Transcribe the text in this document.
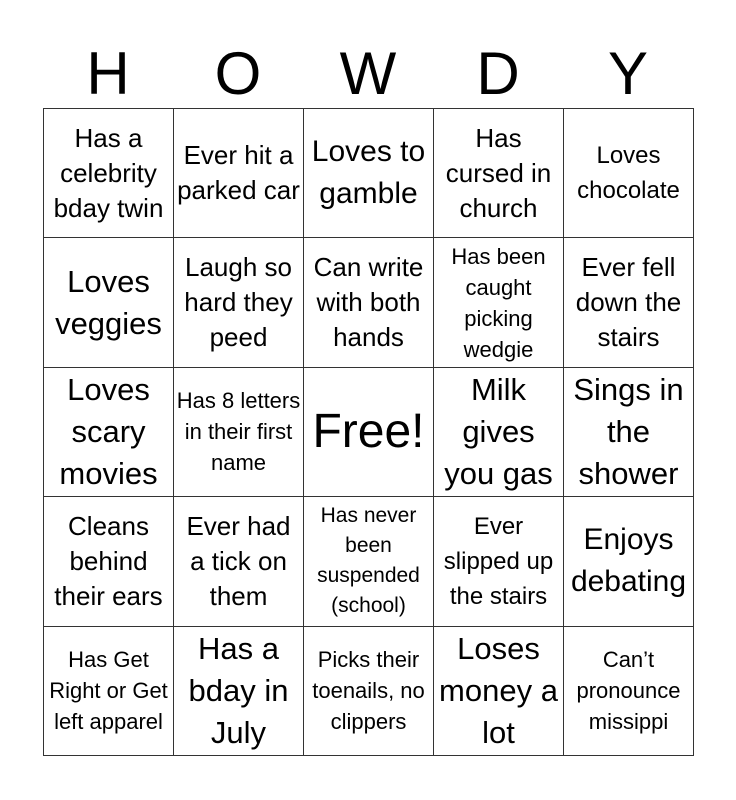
H	O	W	D	Y
Has a celebrity bday twin	Ever hit a parked car	Loves to gamble	Has cursed in church	Loves chocolate

Loves veggies	Laugh so hard they peed	Can write with both hands	Has been caught picking wedgie	Ever fell down the stairs

Loves scary movies	Has 8 letters in their first name	Free!	Milk gives you gas	Sings in the shower

Cleans behind their ears	Ever had a tick on them	Has never been suspended (school)	Ever slipped up the stairs	Enjoys debating

Has Get Right or Get left apparel	Has a bday in July	Picks their toenails, no clippers	Loses money a lot	Can’t pronounce missippi
